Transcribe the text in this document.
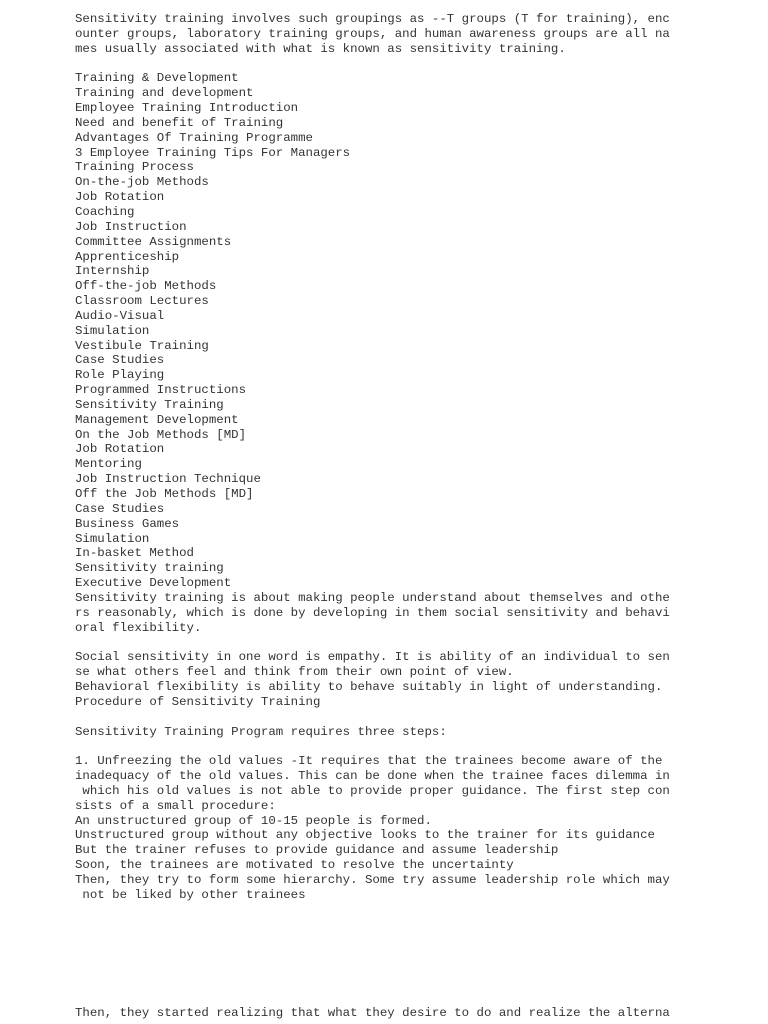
Sensitivity training involves such groupings as --T groups (T for training), enc
ounter groups, laboratory training groups, and human awareness groups are all na
mes usually associated with what is known as sensitivity training.
Training & Development
Training and development
Employee Training Introduction
Need and benefit of Training
Advantages Of Training Programme
3 Employee Training Tips For Managers
Training Process
On-the-job Methods
Job Rotation
Coaching
Job Instruction
Committee Assignments
Apprenticeship
Internship
Off-the-job Methods
Classroom Lectures
Audio-Visual
Simulation
Vestibule Training
Case Studies
Role Playing
Programmed Instructions
Sensitivity Training
Management Development
On the Job Methods [MD]
Job Rotation
Mentoring
Job Instruction Technique
Off the Job Methods [MD]
Case Studies
Business Games
Simulation
In-basket Method
Sensitivity training
Executive Development
Sensitivity training is about making people understand about themselves and othe
rs reasonably, which is done by developing in them social sensitivity and behavi
oral flexibility.
Social sensitivity in one word is empathy. It is ability of an individual to sen
se what others feel and think from their own point of view.
Behavioral flexibility is ability to behave suitably in light of understanding.
Procedure of Sensitivity Training
Sensitivity Training Program requires three steps:
1. Unfreezing the old values -It requires that the trainees become aware of the
inadequacy of the old values. This can be done when the trainee faces dilemma in
which his old values is not able to provide proper guidance. The first step con
sists of a small procedure:
An unstructured group of 10-15 people is formed.
Unstructured group without any objective looks to the trainer for its guidance
But the trainer refuses to provide guidance and assume leadership
Soon, the trainees are motivated to resolve the uncertainty
Then, they try to form some hierarchy. Some try assume leadership role which may
not be liked by other trainees
Then, they started realizing that what they desire to do and realize the alterna
